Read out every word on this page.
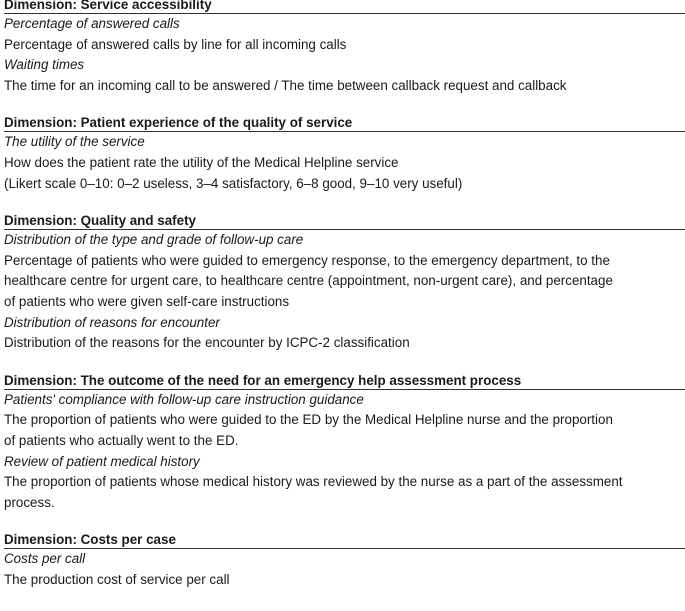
Dimension: Service accessibility
Percentage of answered calls
Percentage of answered calls by line for all incoming calls
Waiting times
The time for an incoming call to be answered / The time between callback request and callback
Dimension: Patient experience of the quality of service
The utility of the service
How does the patient rate the utility of the Medical Helpline service
(Likert scale 0–10: 0–2 useless, 3–4 satisfactory, 6–8 good, 9–10 very useful)
Dimension: Quality and safety
Distribution of the type and grade of follow-up care
Percentage of patients who were guided to emergency response, to the emergency department, to the
healthcare centre for urgent care, to healthcare centre (appointment, non-urgent care), and percentage
of patients who were given self-care instructions
Distribution of reasons for encounter
Distribution of the reasons for the encounter by ICPC-2 classification
Dimension: The outcome of the need for an emergency help assessment process
Patients' compliance with follow-up care instruction guidance
The proportion of patients who were guided to the ED by the Medical Helpline nurse and the proportion
of patients who actually went to the ED.
Review of patient medical history
The proportion of patients whose medical history was reviewed by the nurse as a part of the assessment
process.
Dimension: Costs per case
Costs per call
The production cost of service per call
